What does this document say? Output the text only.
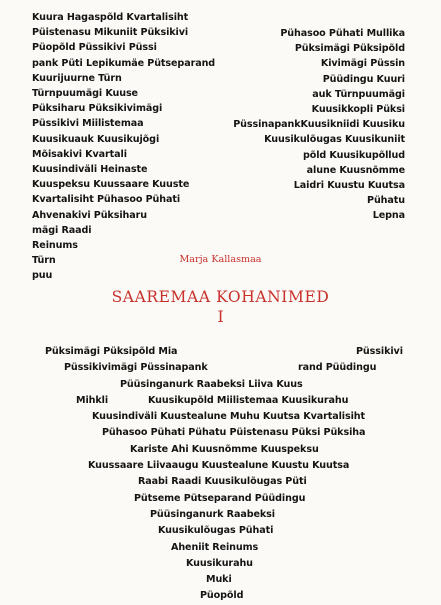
Kuura Hagaspõld Kvartalisiht
Püistenasu Mikuniit Püksikivi
Püopõld Püssikivi Püssi
pank Püti Lepikumäe Pütseparand
Kuurijuurne Türn
Türnpuumägi Kuuse
Püksiharu Püksikivimägi
Püssikivi Miilistemaa
Kuusikuauk Kuusikujõgi
Mõisakivi Kvartali
Kuusindiväli Heinaste
Kuuspeksu Kuussaare Kuuste
Kvartalisiht Pühasoo Pühati
Ahvenakivi Püksiharu
mägi Raadi
Reinums
Türn
puu
Pühasoo Pühati Mullika
Püksimägi Püksipõld
Kivimägi Püssin
Püüdingu Kuuri
auk Türnpuumägi
Kuusikkopli Püksi
PüssinapankKuusikniidi Kuusiku
Kuusikulõugas Kuusikuniit
põld Kuusikupõllud
alune Kuusnõmme
Laidri Kuustu Kuutsa
Pühatu
Lepna
Marja Kallasmaa
SAAREMAA KOHANIMED
I
Püksimägi Püksipõld Mia	Püssikivi
Püssikivimägi Püssinapank	rand Püüdingu
Püüsinganurk Raabeksi Liiva Kuus
Mihkli	Kuusikupõld Miilistemaa Kuusikurahu
Kuusindiväli Kuustealune Muhu Kuutsa Kvartalisiht
Pühasoo Pühati Pühatu Püistenasu Püksi Püksiha
Kariste Ahi Kuusnõmme Kuuspeksu
Kuussaare Liivaaugu Kuustealune Kuustu Kuutsa
Raabi Raadi Kuusikulõugas Püti
Pütseme Pütseparand Püüdingu
Püüsinganurk Raabeksi
Kuusikulõugas Pühati
Aheniit Reinums
Kuusikurahu
Muki
Püopõld
